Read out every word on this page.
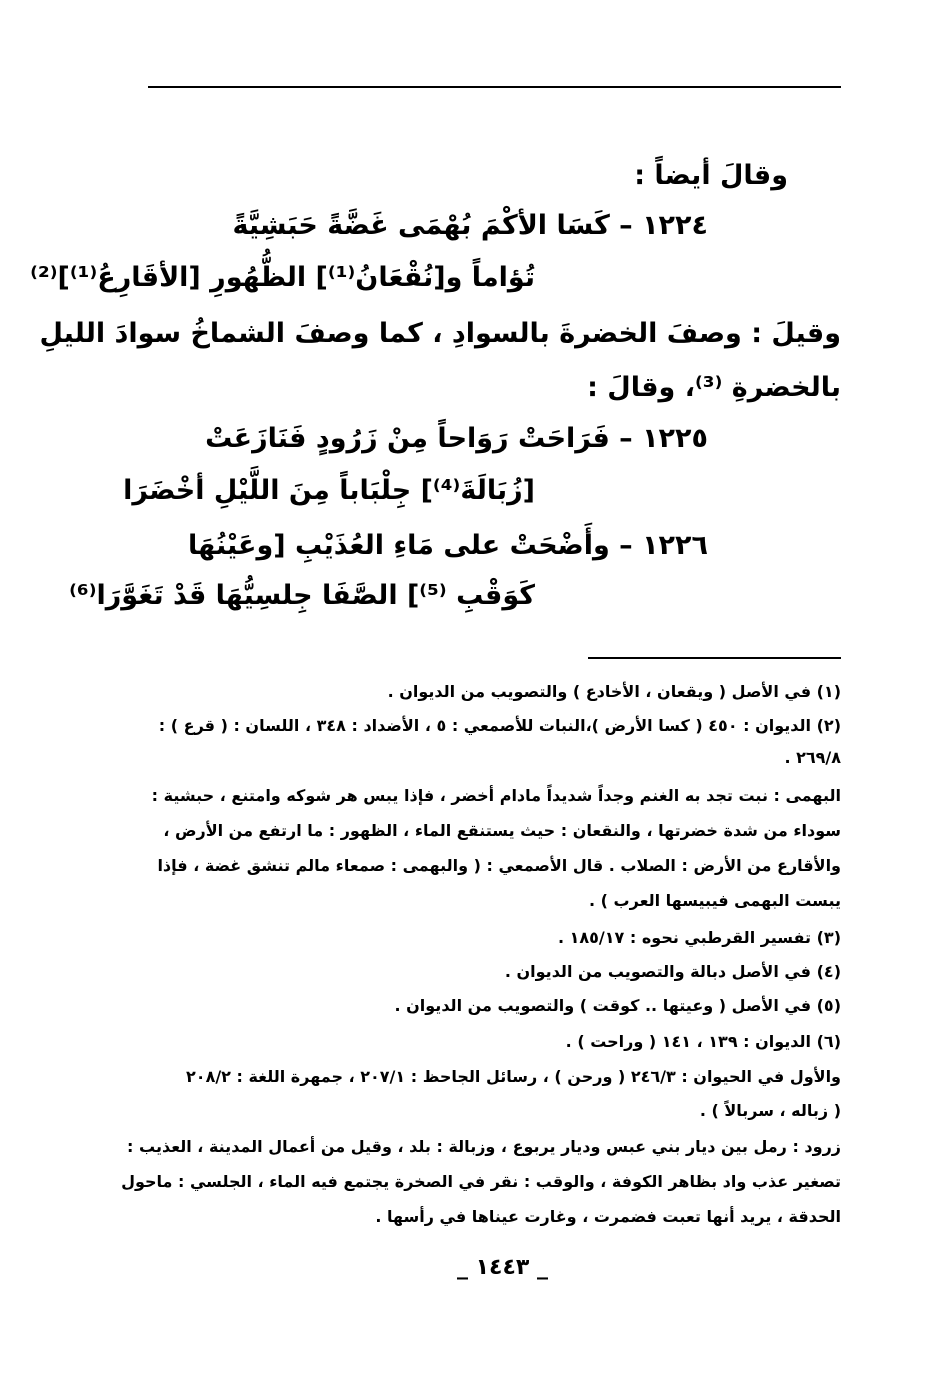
وقالَ أيضاً :
١٢٢٤ – كَسَا الأكْمَ بُهْمَى غَضَّةً حَبَشِيَّةً
تُؤاماً و[نُقْعَانُ⁽¹⁾] الظُّهُورِ [الأقَارِعُ⁽¹⁾]⁽²⁾
وقيلَ : وصفَ الخضرةَ بالسوادِ ، كما وصفَ الشماخُ سوادَ الليلِ
بالخضرةِ ⁽³⁾، وقالَ :
١٢٢٥ – فَرَاحَتْ رَوَاحاً مِنْ زَرُودٍ فَنَازَعَتْ
[زُبَالَةَ⁽⁴⁾] جِلْبَاباً مِنَ اللَّيْلِ أخْضَرَا
١٢٢٦ – وأَضْحَتْ على مَاءِ العُذَيْبِ [وعَيْنُهَا
كَوَقْبِ ⁽⁵⁾] الصَّفَا جِلسِيُّهَا قَدْ تَغَوَّرَا⁽⁶⁾
(١) في الأصل ( ويقعان ، الأخادع ) والتصويب من الديوان .
(٢) الديوان : ٤٥٠ ( كسا الأرض )،النبات للأصمعي : ٥ ، الأضداد : ٣٤٨ ، اللسان : ( قرع ) :
٢٦٩/٨ .
البهمى : نبت تجد به الغنم وجداً شديداً مادام أخضر ، فإذا يبس هر شوكه وامتنع ، حبشية :
سوداء من شدة خضرتها ، والنقعان : حيث يستنقع الماء ، الظهور : ما ارتفع من الأرض ،
والأقارع من الأرض : الصلاب . قال الأصمعي : ( والبهمى : صمعاء مالم تنشق غضة ، فإذا
يبست البهمى فيبيسها العرب ) .
(٣) تفسير القرطبي نحوه : ١٨٥/١٧ .
(٤) في الأصل دبالة والتصويب من الديوان .
(٥) في الأصل ( وعيتها .. كوقت ) والتصويب من الديوان .
(٦) الديوان : ١٣٩ ، ١٤١ ( وراحت ) .
والأول في الحيوان : ٢٤٦/٣ ( ورحن ) ، رسائل الجاحظ : ٢٠٧/١ ، جمهرة اللغة : ٢٠٨/٢
( زباله ، سربالاً ) .
زرود : رمل بين ديار بني عبس وديار يربوع ، وزبالة : بلد ، وقيل من أعمال المدينة ، العذيب :
تصغير عذب واد بظاهر الكوفة ، والوقب : نقر في الصخرة يجتمع فيه الماء ، الجلسي : ماحول
الحدقة ، يريد أنها تعبت فضمرت ، وغارت عيناها في رأسها .
_ ١٤٤٣ _
